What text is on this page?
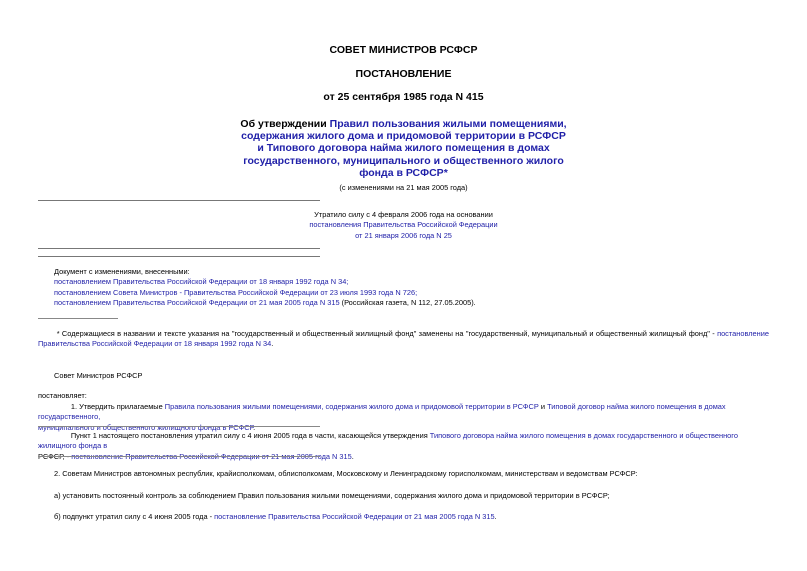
СОВЕТ МИНИСТРОВ РСФСР
ПОСТАНОВЛЕНИЕ
от 25 сентября 1985 года N 415
Об утверждении Правил пользования жилыми помещениями,
содержания жилого дома и придомовой территории в РСФСР
и Типового договора найма жилого помещения в домах
государственного, муниципального и общественного жилого
фонда в РСФСР*
(с изменениями на 21 мая 2005 года)
Утратило силу с 4 февраля 2006 года на основании
постановления Правительства Российской Федерации
от 21 января 2006 года N 25
Документ с изменениями, внесенными:
постановлением Правительства Российской Федерации от 18 января 1992 года N 34;
постановлением Совета Министров - Правительства Российской Федерации от 23 июля 1993 года N 726;
постановлением Правительства Российской Федерации от 21 мая 2005 года N 315 (Российская газета, N 112, 27.05.2005).
* Содержащиеся в названии и тексте указания на "государственный и общественный жилищный фонд" заменены на "государственный, муниципальный и общественный жилищный фонд" - постановление Правительства Российской Федерации от 18 января 1992 года N 34.
Совет Министров РСФСР
постановляет:
1. Утвердить прилагаемые Правила пользования жилыми помещениями, содержания жилого дома и придомовой территории в РСФСР и Типовой договор найма жилого помещения в домах государственного,
муниципального и общественного жилищного фонда в РСФСР.
Пункт 1 настоящего постановления утратил силу с 4 июня 2005 года в части, касающейся утверждения Типового договора найма жилого помещения в домах государственного и общественного жилищного фонда в
РСФСР, - постановление Правительства Российской Федерации от 21 мая 2005 года N 315.
2. Советам Министров автономных республик, крайисполкомам, облисполкомам, Московскому и Ленинградскому горисполкомам, министерствам и ведомствам РСФСР:
а) установить постоянный контроль за соблюдением Правил пользования жилыми помещениями, содержания жилого дома и придомовой территории в РСФСР;
б) подпункт утратил силу с 4 июня 2005 года - постановление Правительства Российской Федерации от 21 мая 2005 года N 315.
